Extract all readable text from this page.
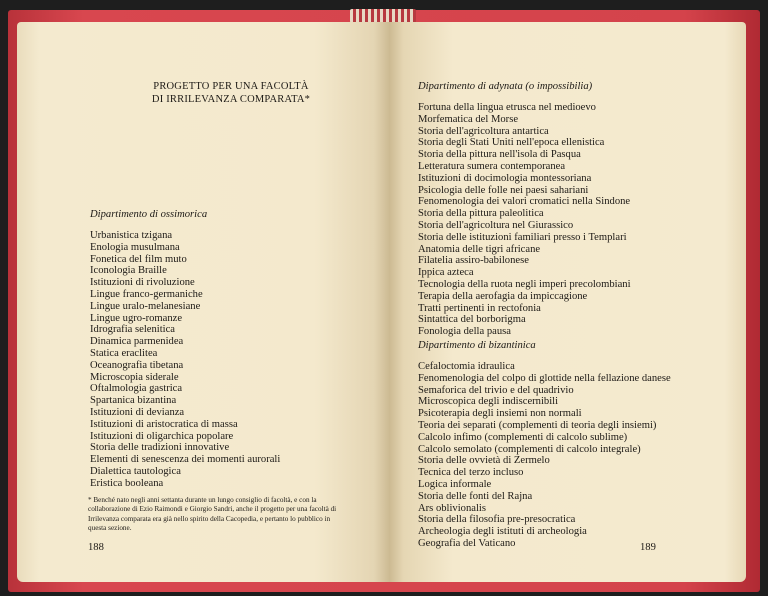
PROGETTO PER UNA FACOLTÀ
DI IRRILEVANZA COMPARATA*
Dipartimento di ossimorica
Urbanistica tzigana
Enologia musulmana
Fonetica del film muto
Iconologia Braille
Istituzioni di rivoluzione
Lingue franco-germaniche
Lingue uralo-melanesiane
Lingue ugro-romanze
Idrografia selenitica
Dinamica parmenidea
Statica eraclitea
Oceanografia tibetana
Microscopia siderale
Oftalmologia gastrica
Spartanica bizantina
Istituzioni di devianza
Istituzioni di aristocratica di massa
Istituzioni di oligarchica popolare
Storia delle tradizioni innovative
Elementi di senescenza dei momenti aurorali
Dialettica tautologica
Eristica booleana
* Benché nato negli anni settanta durante un lungo consiglio di facoltà, e con la collaborazione di Ezio Raimondi e Giorgio Sandri, anche il progetto per una facoltà di Irrilevanza comparata era già nello spirito della Cacopedia, e pertanto lo pubblico in questa sezione.
188
Dipartimento di adynata (o impossibilia)
Fortuna della lingua etrusca nel medioevo
Morfematica del Morse
Storia dell'agricoltura antartica
Storia degli Stati Uniti nell'epoca ellenistica
Storia della pittura nell'isola di Pasqua
Letteratura sumera contemporanea
Istituzioni di docimologia montessoriana
Psicologia delle folle nei paesi sahariani
Fenomenologia dei valori cromatici nella Sindone
Storia della pittura paleolitica
Storia dell'agricoltura nel Giurassico
Storia delle istituzioni familiari presso i Templari
Anatomia delle tigri africane
Filatelia assiro-babilonese
Ippica azteca
Tecnologia della ruota negli imperi precolombiani
Terapia della aerofagia da impiccagione
Tratti pertinenti in rectofonia
Sintattica del borborigma
Fonologia della pausa
Dipartimento di bizantinica
Cefaloctomia idraulica
Fenomenologia del colpo di glottide nella fellazione danese
Semaforica del trivio e del quadrivio
Microscopica degli indiscernibili
Psicoterapia degli insiemi non normali
Teoria dei separati (complementi di teoria degli insiemi)
Calcolo infimo (complementi di calcolo sublime)
Calcolo semolato (complementi di calcolo integrale)
Storia delle ovvietà di Zermelo
Tecnica del terzo incluso
Logica informale
Storia delle fonti del Rajna
Ars oblivionalis
Storia della filosofia pre-presocratica
Archeologia degli istituti di archeologia
Geografia del Vaticano	189
